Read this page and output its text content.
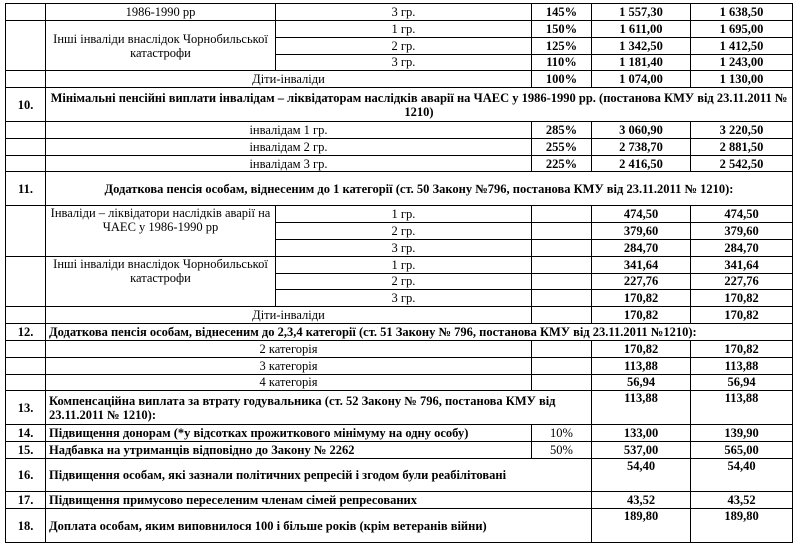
	1986-1990 рр	3 гр.	145%	1 557,30	1 638,50
	Інші інваліди внаслідок Чорнобильської катастрофи	1 гр.	150%	1 611,00	1 695,00
		2 гр.	125%	1 342,50	1 412,50
		3 гр.	110%	1 181,40	1 243,00
	Діти-інваліди		100%	1 074,00	1 130,00
10.	Мінімальні пенсійні виплати інвалідам – ліквідаторам наслідків аварії на ЧАЕС у 1986-1990 рр. (постанова КМУ від 23.11.2011 № 1210)				
	інвалідам 1 гр.		285%	3 060,90	3 220,50
	інвалідам 2 гр.		255%	2 738,70	2 881,50
	інвалідам 3 гр.		225%	2 416,50	2 542,50
11.	Додаткова пенсія особам, віднесеним до 1 категорії (ст. 50 Закону №796, постанова КМУ від 23.11.2011 № 1210):				
	Інваліди – ліквідатори наслідків аварії на ЧАЕС у 1986-1990 рр	1 гр.		474,50	474,50
		2 гр.		379,60	379,60
		3 гр.		284,70	284,70
	Інші інваліди внаслідок Чорнобильської катастрофи	1 гр.		341,64	341,64
		2 гр.		227,76	227,76
		3 гр.		170,82	170,82
	Діти-інваліди			170,82	170,82
12.	Додаткова пенсія особам, віднесеним до 2,3,4 категорії (ст. 51 Закону № 796, постанова КМУ від 23.11.2011 №1210):				
	2 категорія			170,82	170,82
	3 категорія			113,88	113,88
	4 категорія			56,94	56,94
13.	Компенсаційна виплата за втрату годувальника (ст. 52 Закону № 796, постанова КМУ від 23.11.2011 № 1210):			113,88	113,88
14.	Підвищення донорам (*у відсотках прожиткового мінімуму на одну особу)		10%	133,00	139,90
15.	Надбавка на утриманців відповідно до Закону № 2262		50%	537,00	565,00
16.	Підвищення особам, які зазнали політичних репресій і згодом були реабілітовані			54,40	54,40
17.	Підвищення примусово переселеним членам сімей репресованих			43,52	43,52
18.	Доплата особам, яким виповнилося 100 і більше років (крім ветеранів війни)			189,80	189,80
